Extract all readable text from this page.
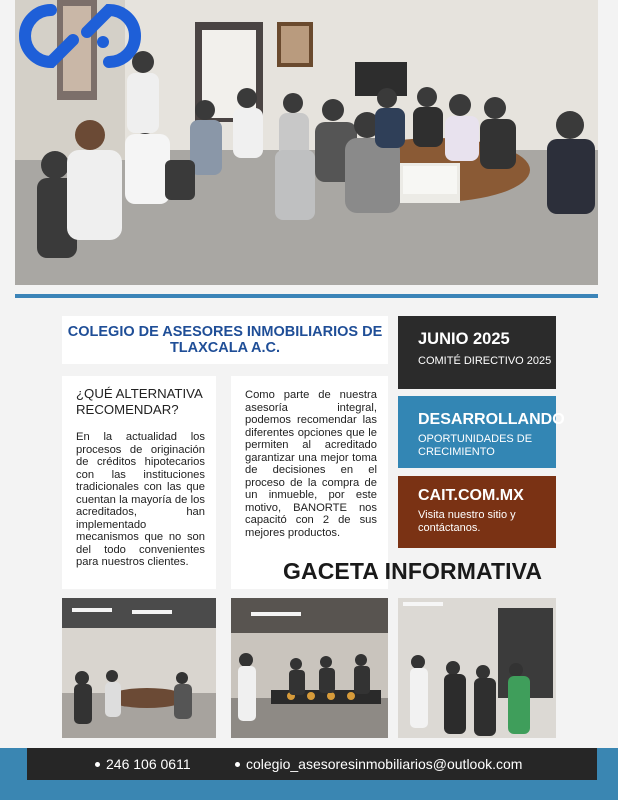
COLEGIO DE ASESORES INMOBILIARIOS DE TLAXCALA A.C.
¿QUÉ ALTERNATIVA RECOMENDAR?

En la actualidad los procesos de originación de créditos hipotecarios con las instituciones tradicionales con las que cuentan la mayoría de los acreditados, han implementado mecanismos que no son del todo convenientes para nuestros clientes.

Como parte de nuestra asesoría integral, podemos recomendar las diferentes opciones que le permiten al acreditado garantizar una mejor toma de decisiones en el proceso de la compra de un inmueble, por este motivo, BANORTE nos capacitó con 2 de sus mejores productos.

JUNIO 2025
COMITÉ DIRECTIVO 2025
DESARROLLANDO
OPORTUNIDADES DE CRECIMIENTO
CAIT.COM.MX
Visita nuestro sitio y contáctanos.
GACETA INFORMATIVA
246 106 0611	colegio_asesoresinmobiliarios@outlook.com
